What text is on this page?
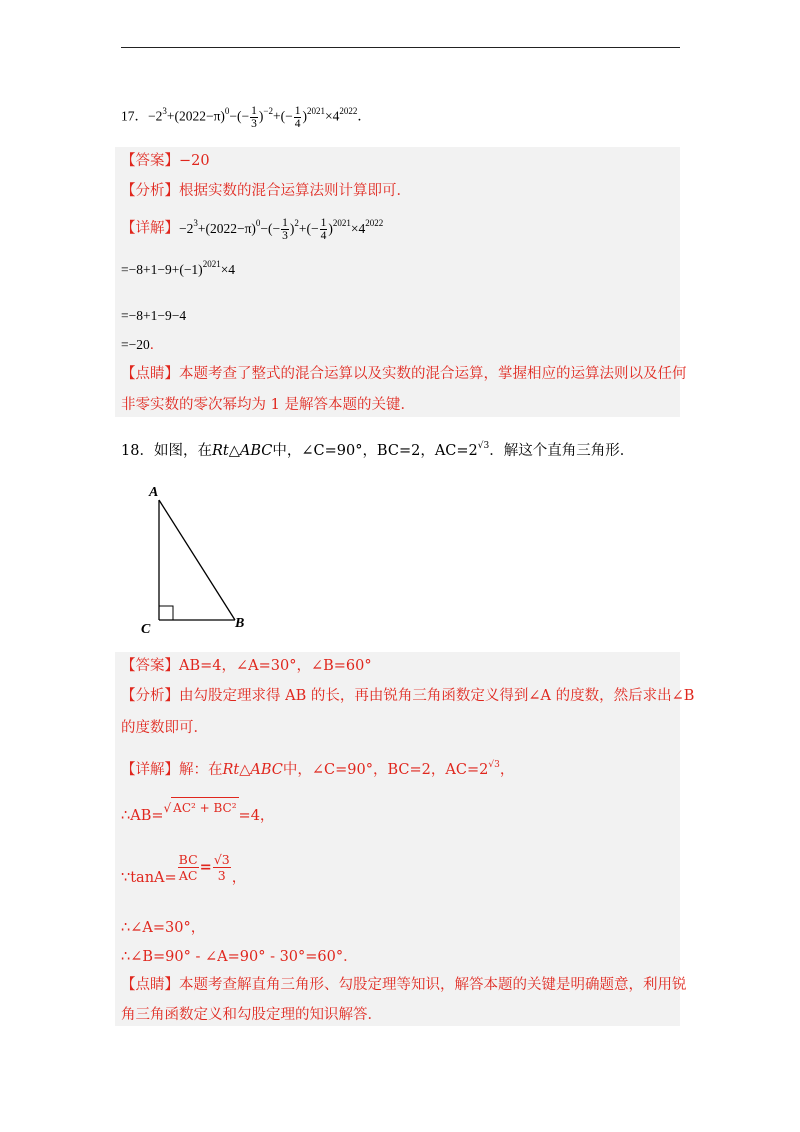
17．$-2^3+(2022-\pi)^0-(- \frac{1}{3} )^{-2}+(- \frac{1}{4} )^{2021}\times 4^{2022}$．
【答案】−20
【分析】根据实数的混合运算法则计算即可．
【详解】$-2^3+(2022-\pi)^0-(- \frac{1}{3} )^2+(- \frac{1}{4} )^{2021}\times 4^{2022}$
$=-8+1-9+(-1)^{2021}\times 4$
=−8+1−9−4
=−20．
【点睛】本题考查了整式的混合运算以及实数的混合运算，掌握相应的运算法则以及任何
非零实数的零次幂均为 1 是解答本题的关键．
18．如图，在Rt△ABC中，∠C=90°，BC=2，$AC=2^{√3}$．解这个直角三角形．
A
C	B
【答案】AB=4，∠A=30°，∠B=60°
【分析】由勾股定理求得 AB 的长，再由锐角三角函数定义得到∠A 的度数，然后求出∠B
的度数即可．
【详解】解：在Rt△ABC中，∠C=90°，BC=2，$AC=2^{√3}$，
∴AB=$^{√ AC^2 + BC^2}$ =4，
∵tanA= $\frac{BC}{AC} = \frac{√3}{3}$ ，
∴∠A=30°，
∴∠B=90° - ∠A=90° - 30°=60°．
【点睛】本题考查解直角三角形、勾股定理等知识，解答本题的关键是明确题意，利用锐
角三角函数定义和勾股定理的知识解答．
